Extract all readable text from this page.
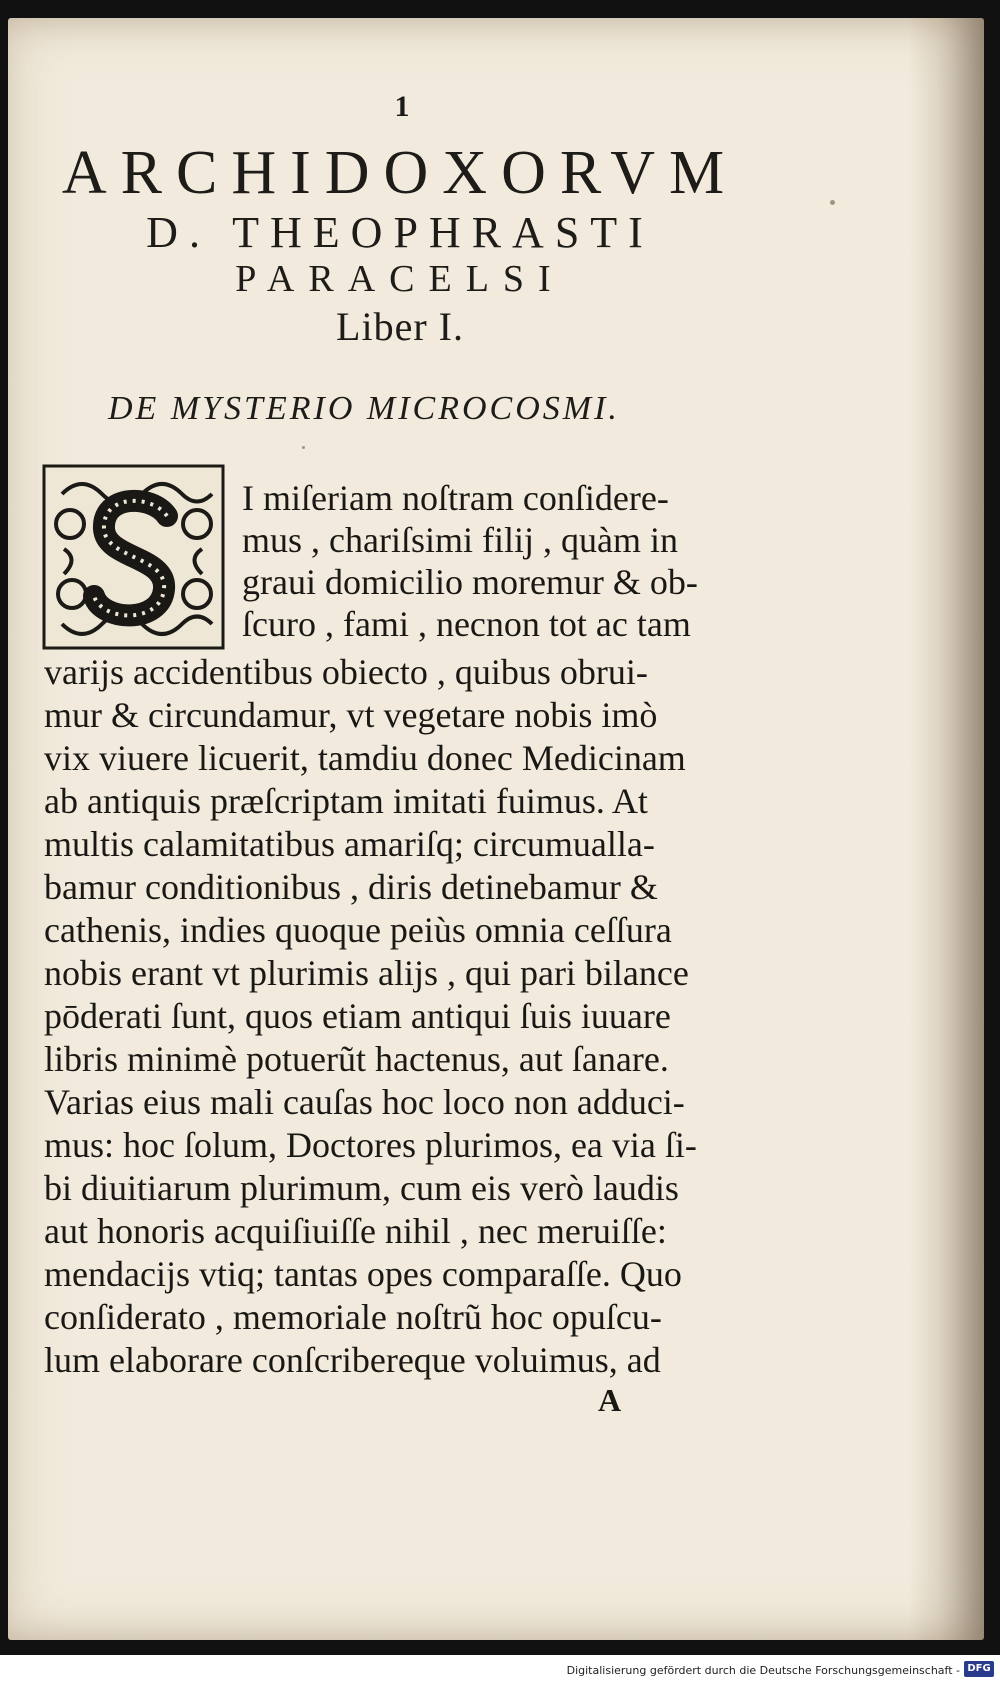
1
ARCHIDOXORVM
D. THEOPHRASTI
PARACELSI
Liber I.
DE MYSTERIO MICROCOSMI.
I miſeriam noſtram conſidere-
mus , chariſsimi filij , quàm in
graui domicilio moremur & ob-
ſcuro , fami , necnon tot ac tam
varijs accidentibus obiecto , quibus obrui-
mur & circundamur, vt vegetare nobis imò
vix viuere licuerit, tamdiu donec Medicinam
ab antiquis præſcriptam imitati fuimus. At
multis calamitatibus amariſq; circumualla-
bamur conditionibus , diris detinebamur &
cathenis, indies quoque peiùs omnia ceſſura
nobis erant vt plurimis alijs , qui pari bilance
pōderati ſunt, quos etiam antiqui ſuis iuuare
libris minimè potuerũt hactenus, aut ſanare.
Varias eius mali cauſas hoc loco non adduci-
mus: hoc ſolum, Doctores plurimos, ea via ſi-
bi diuitiarum plurimum, cum eis verò laudis
aut honoris acquiſiuiſſe nihil , nec meruiſſe:
mendacijs vtiq; tantas opes comparaſſe. Quo
conſiderato , memoriale noſtrũ hoc opuſcu-
lum elaborare conſcribereque voluimus, ad
A
Digitalisierung gefördert durch die Deutsche Forschungsgemeinschaft - DFG
